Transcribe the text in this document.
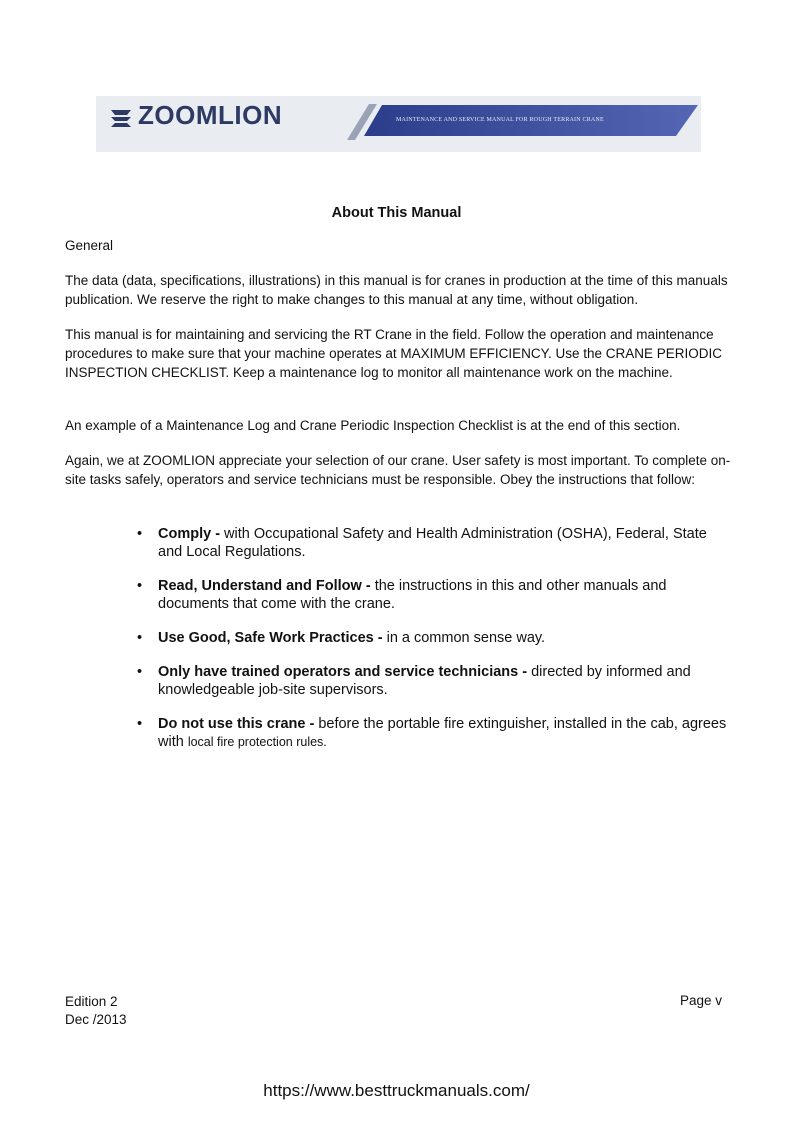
ZOOMLION	MAINTENANCE AND SERVICE MANUAL FOR ROUGH TERRAIN CRANE
About This Manual

General

The data (data, specifications, illustrations) in this manual is for cranes in production at the time of this manuals publication. We reserve the right to make changes to this manual at any time, without obligation.

This manual is for maintaining and servicing the RT Crane in the field. Follow the operation and maintenance procedures to make sure that your machine operates at MAXIMUM EFFICIENCY. Use the CRANE PERIODIC INSPECTION CHECKLIST. Keep a maintenance log to monitor all maintenance work on the machine.

An example of a Maintenance Log and Crane Periodic Inspection Checklist is at the end of this section.

Again, we at ZOOMLION appreciate your selection of our crane. User safety is most important. To complete on-site tasks safely, operators and service technicians must be responsible. Obey the instructions that follow:

• Comply - with Occupational Safety and Health Administration (OSHA), Federal, State and Local Regulations.
• Read, Understand and Follow - the instructions in this and other manuals and documents that come with the crane.
• Use Good, Safe Work Practices - in a common sense way.
• Only have trained operators and service technicians - directed by informed and knowledgeable job-site supervisors.
• Do not use this crane - before the portable fire extinguisher, installed in the cab, agrees with local fire protection rules.
Edition 2
Dec /2013
Page v
https://www.besttruckmanuals.com/
